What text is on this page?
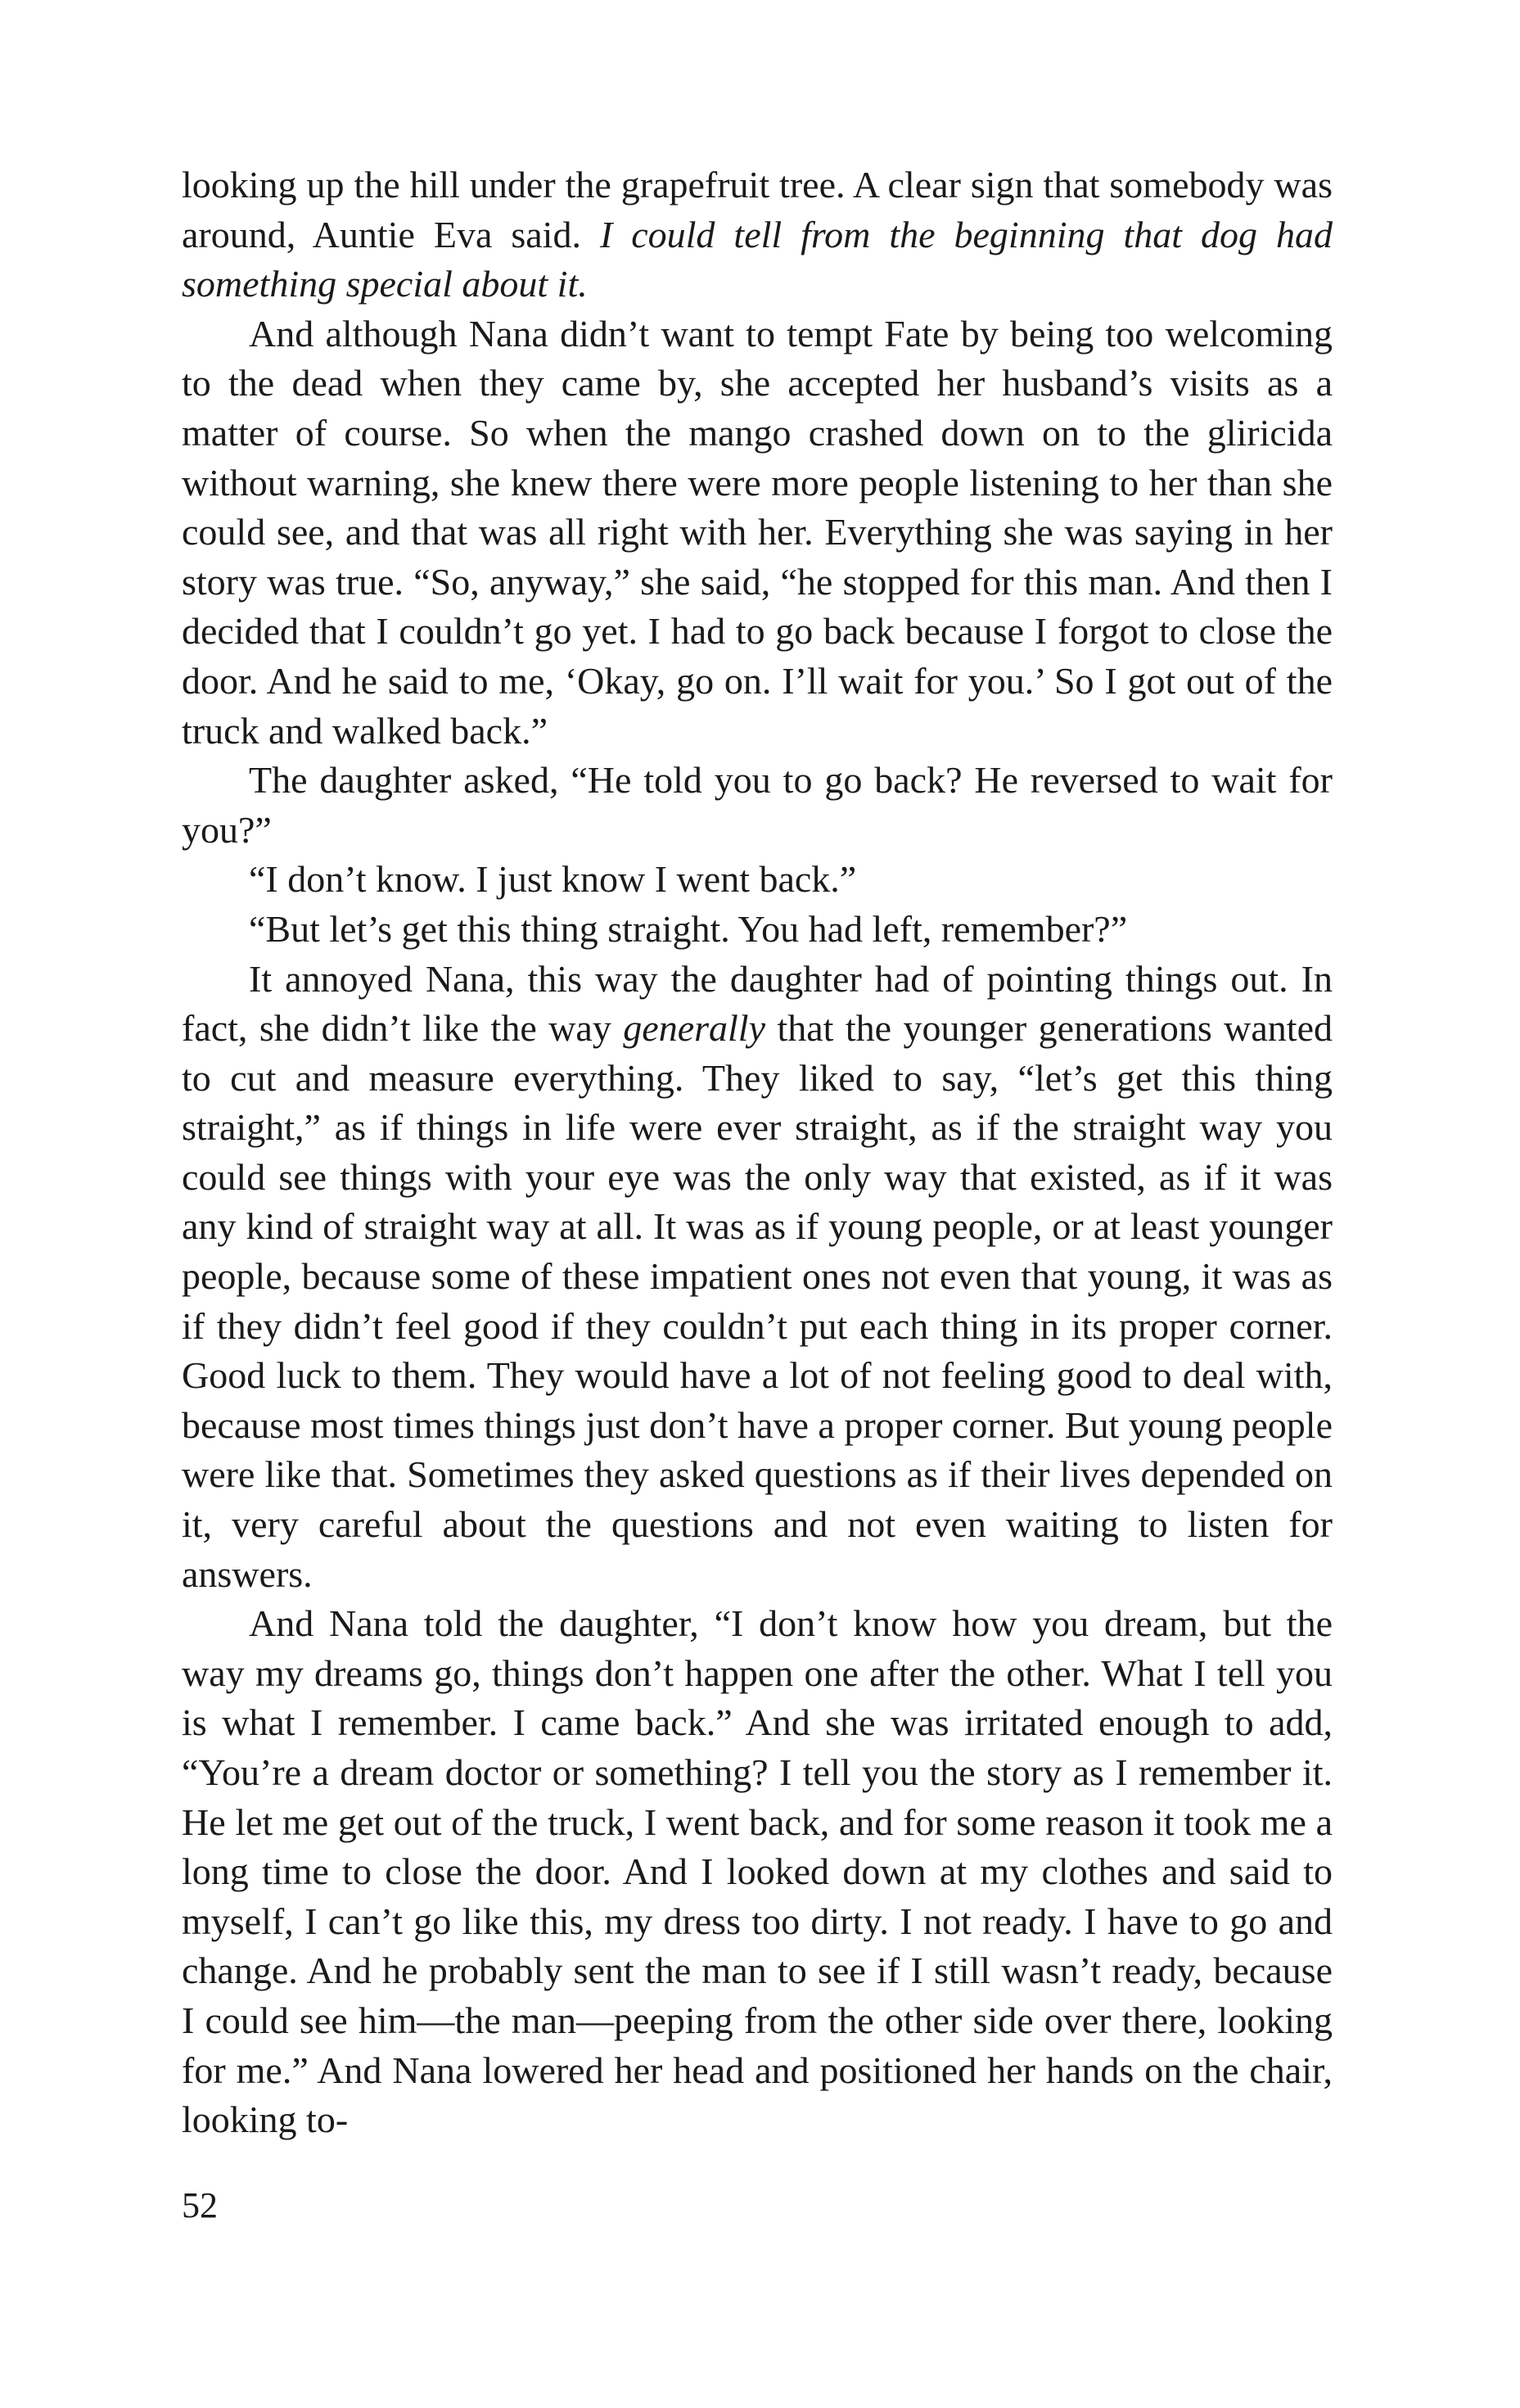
looking up the hill under the grapefruit tree. A clear sign that somebody was around, Auntie Eva said. I could tell from the beginning that dog had something special about it.

And although Nana didn’t want to tempt Fate by being too welcoming to the dead when they came by, she accepted her husband’s visits as a matter of course. So when the mango crashed down on to the gliricida without warning, she knew there were more people listening to her than she could see, and that was all right with her. Everything she was saying in her story was true. “So, anyway,” she said, “he stopped for this man. And then I decided that I couldn’t go yet. I had to go back because I forgot to close the door. And he said to me, ‘Okay, go on. I’ll wait for you.’ So I got out of the truck and walked back.”

The daughter asked, “He told you to go back? He reversed to wait for you?”

“I don’t know. I just know I went back.”

“But let’s get this thing straight. You had left, remember?”

It annoyed Nana, this way the daughter had of pointing things out. In fact, she didn’t like the way generally that the younger generations wanted to cut and measure everything. They liked to say, “let’s get this thing straight,” as if things in life were ever straight, as if the straight way you could see things with your eye was the only way that existed, as if it was any kind of straight way at all. It was as if young people, or at least younger people, because some of these impatient ones not even that young, it was as if they didn’t feel good if they couldn’t put each thing in its proper corner. Good luck to them. They would have a lot of not feeling good to deal with, because most times things just don’t have a proper corner. But young people were like that. Sometimes they asked questions as if their lives depended on it, very careful about the questions and not even waiting to listen for answers.

And Nana told the daughter, “I don’t know how you dream, but the way my dreams go, things don’t happen one after the other. What I tell you is what I remember. I came back.” And she was irritated enough to add, “You’re a dream doctor or something? I tell you the story as I remember it. He let me get out of the truck, I went back, and for some reason it took me a long time to close the door. And I looked down at my clothes and said to myself, I can’t go like this, my dress too dirty. I not ready. I have to go and change. And he probably sent the man to see if I still wasn’t ready, because I could see him—the man—peeping from the other side over there, looking for me.” And Nana lowered her head and positioned her hands on the chair, looking to-

52
